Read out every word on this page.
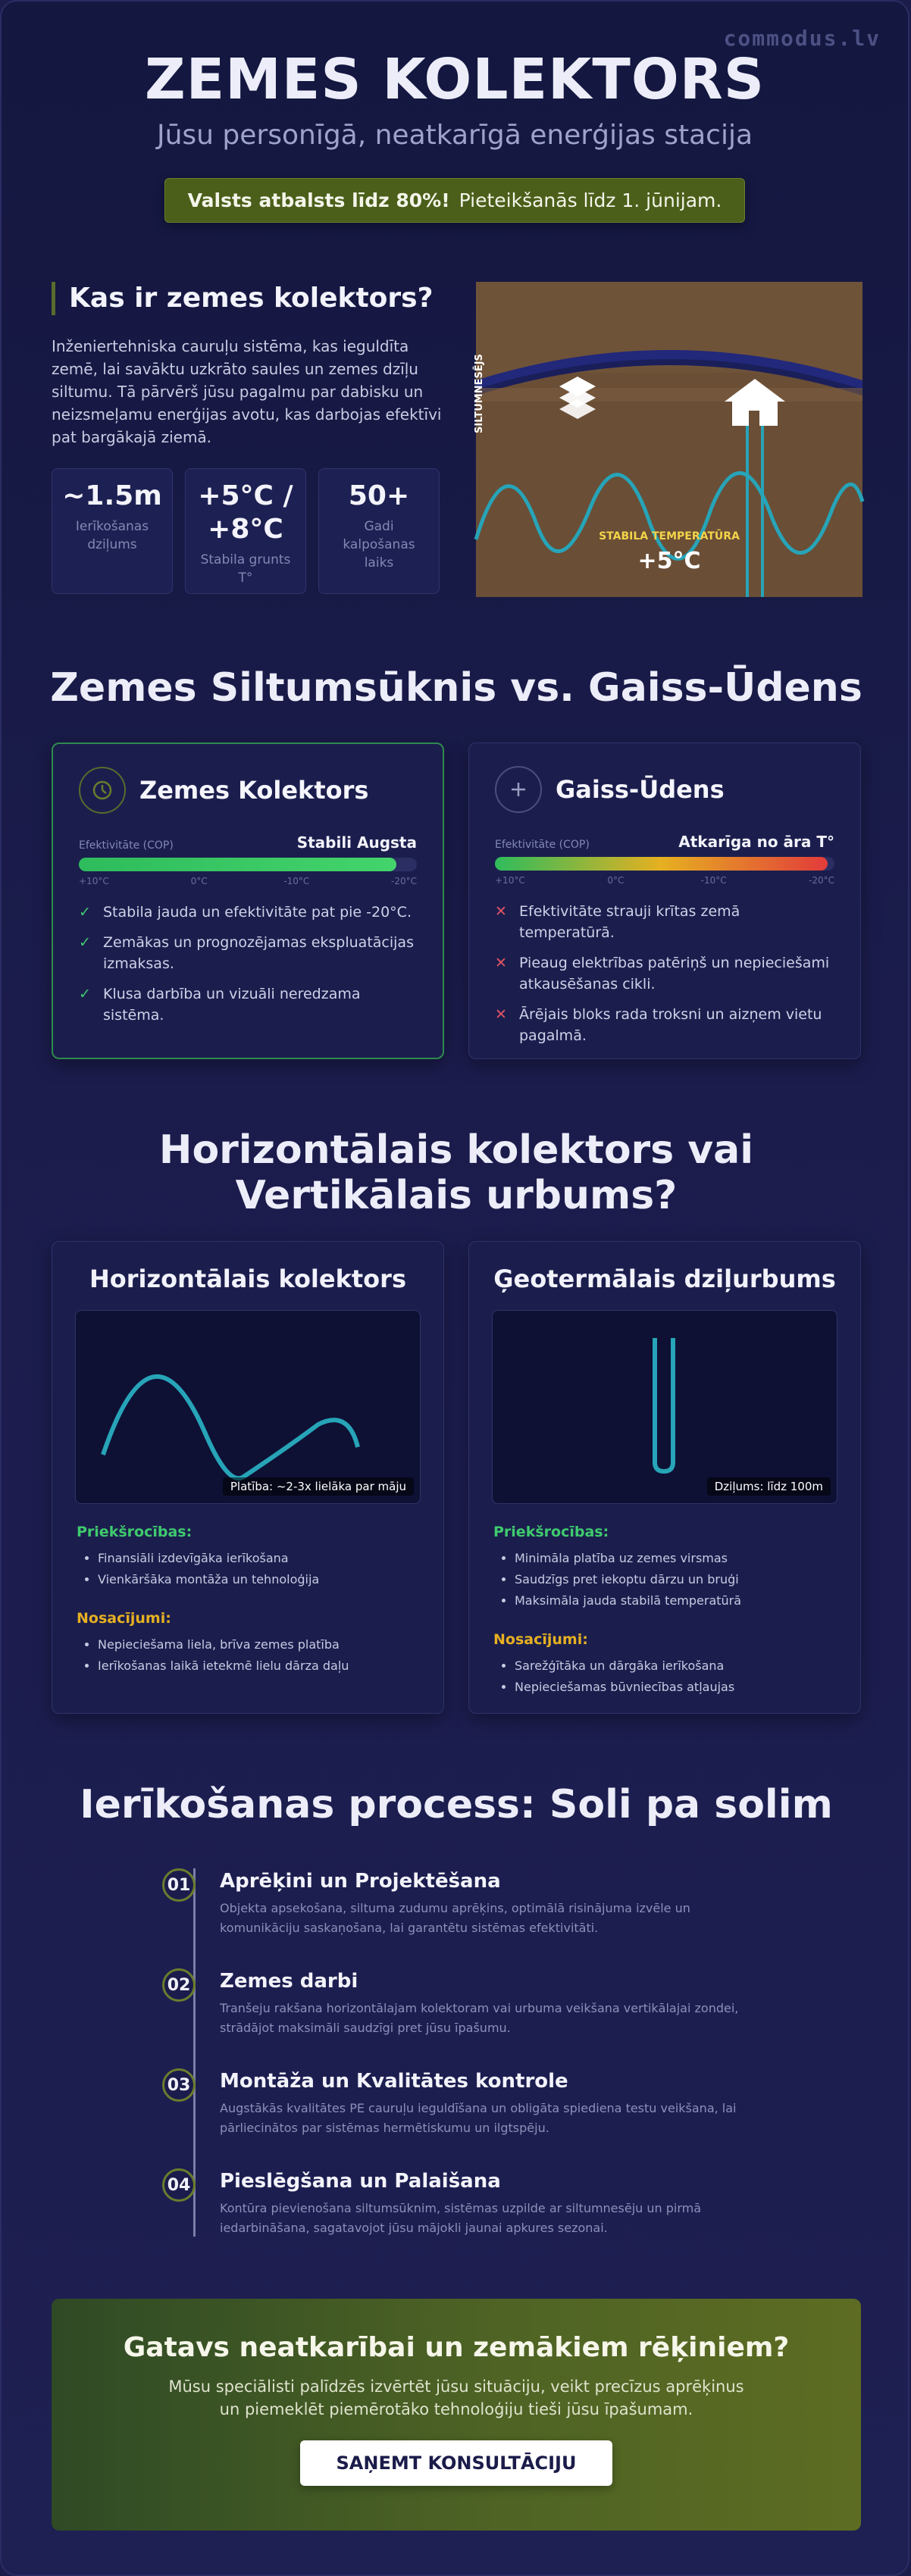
commodus.lv
ZEMES KOLEKTORS
Jūsu personīgā, neatkarīgā enerģijas stacija
Valsts atbalsts līdz 80%! Pieteikšanās līdz 1. jūnijam.
Kas ir zemes kolektors?
Inženiertehniska cauruļu sistēma, kas ieguldīta zemē, lai savāktu uzkrāto saules un zemes dzīļu siltumu. Tā pārvērš jūsu pagalmu par dabisku un neizsmeļamu enerģijas avotu, kas darbojas efektīvi pat bargākajā ziemā.
~1.5m
Ierīkošanas dziļums
+5°C / +8°C
Stabila grunts T°
50+
Gadi kalpošanas laiks
SILTUMNESĒJS
STABILA TEMPERATŪRA
+5°C
Zemes Siltumsūknis vs. Gaiss-Ūdens
Zemes Kolektors
Efektivitāte (COP)	Stabili Augsta
+10°C	0°C	-10°C	-20°C
✓ Stabila jauda un efektivitāte pat pie -20°C.
✓ Zemākas un prognozējamas ekspluatācijas izmaksas.
✓ Klusa darbība un vizuāli neredzama sistēma.
Gaiss-Ūdens
Efektivitāte (COP)	Atkarīga no āra T°
+10°C	0°C	-10°C	-20°C
✕ Efektivitāte strauji krītas zemā temperatūrā.
✕ Pieaug elektrības patēriņš un nepieciešami atkausēšanas cikli.
✕ Ārējais bloks rada troksni un aizņem vietu pagalmā.
Horizontālais kolektors vai Vertikālais urbums?
Horizontālais kolektors
Platība: ~2-3x lielāka par māju
Priekšrocības:
• Finansiāli izdevīgāka ierīkošana
• Vienkāršāka montāža un tehnoloģija
Nosacījumi:
• Nepieciešama liela, brīva zemes platība
• Ierīkošanas laikā ietekmē lielu dārza daļu
Ģeotermālais dziļurbums
Dziļums: līdz 100m
Priekšrocības:
• Minimāla platība uz zemes virsmas
• Saudzīgs pret iekoptu dārzu un bruģi
• Maksimāla jauda stabilā temperatūrā
Nosacījumi:
• Sarežģītāka un dārgāka ierīkošana
• Nepieciešamas būvniecības atļaujas
Ierīkošanas process: Soli pa solim
01 Aprēķini un Projektēšana

Objekta apsekošana, siltuma zudumu aprēķins, optimālā risinājuma izvēle un komunikāciju saskaņošana, lai garantētu sistēmas efektivitāti.

02 Zemes darbi

Tranšeju rakšana horizontālajam kolektoram vai urbuma veikšana vertikālajai zondei, strādājot maksimāli saudzīgi pret jūsu īpašumu.

03 Montāža un Kvalitātes kontrole

Augstākās kvalitātes PE cauruļu ieguldīšana un obligāta spiediena testu veikšana, lai pārliecinātos par sistēmas hermētiskumu un ilgtspēju.

04 Pieslēgšana un Palaišana

Kontūra pievienošana siltumsūknim, sistēmas uzpilde ar siltumnesēju un pirmā iedarbināšana, sagatavojot jūsu mājokli jaunai apkures sezonai.

Gatavs neatkarībai un zemākiem rēķiniem?

Mūsu speciālisti palīdzēs izvērtēt jūsu situāciju, veikt precīzus aprēķinus un piemeklēt piemērotāko tehnoloģiju tieši jūsu īpašumam.

SAŅEMT KONSULTĀCIJU
